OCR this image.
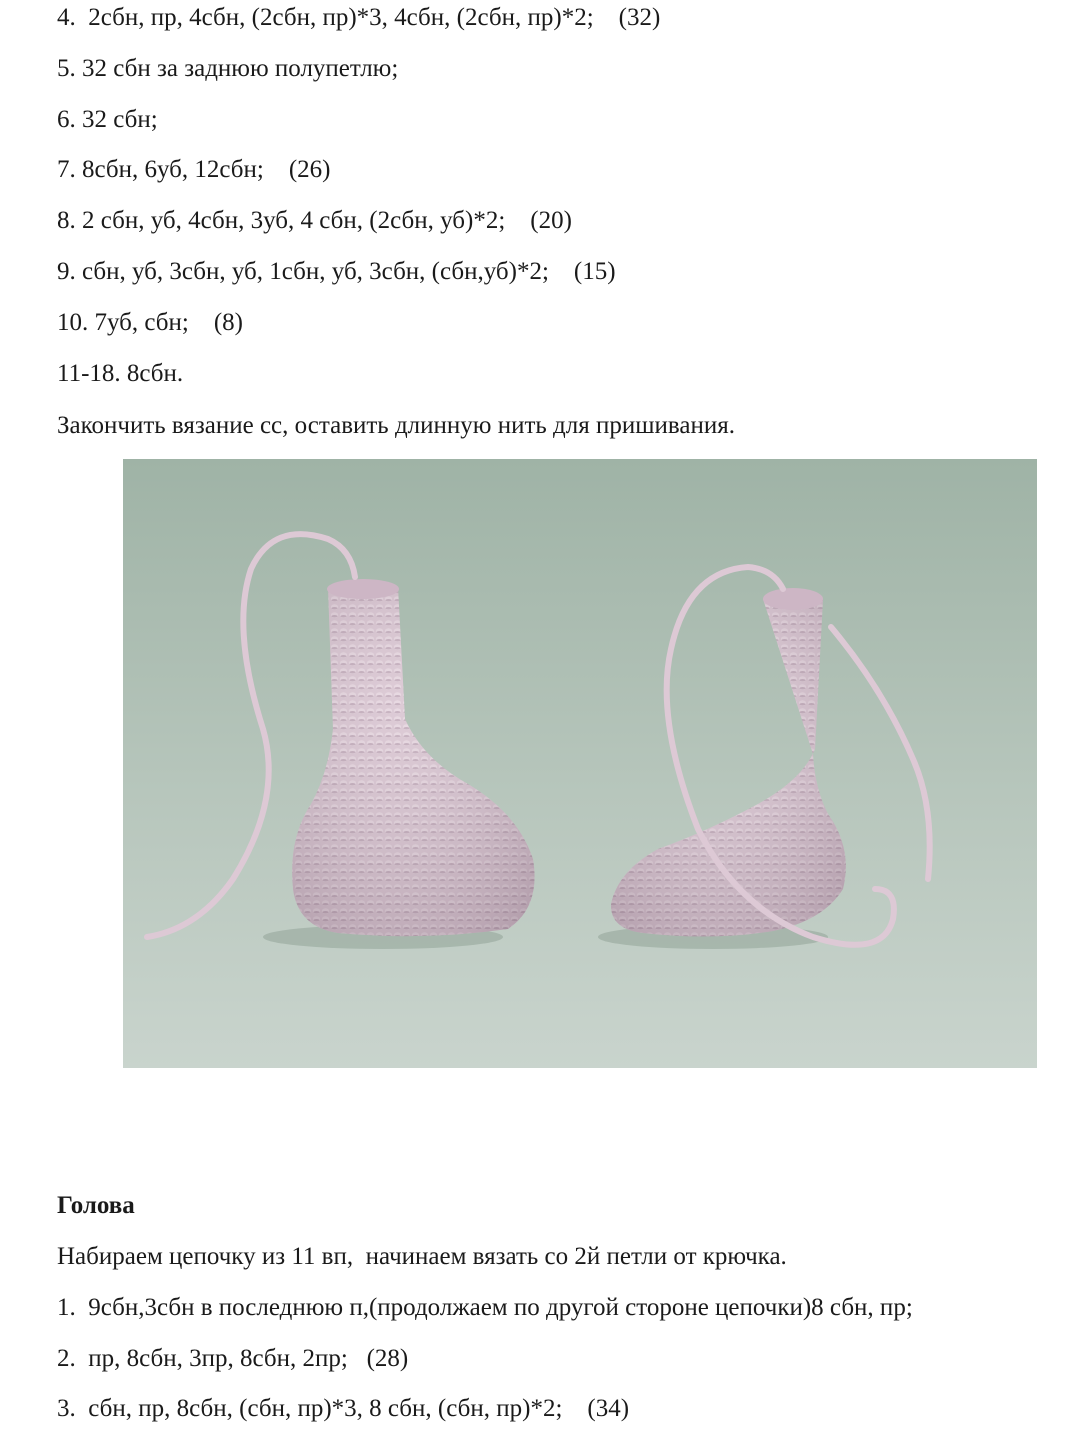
4.  2сбн, пр, 4сбн, (2сбн, пр)*3, 4сбн, (2сбн, пр)*2;    (32)
5. 32 сбн за заднюю полупетлю;
6. 32 сбн;
7. 8сбн, 6уб, 12сбн;    (26)
8. 2 сбн, уб, 4сбн, 3уб, 4 сбн, (2сбн, уб)*2;    (20)
9. сбн, уб, 3сбн, уб, 1сбн, уб, 3сбн, (сбн,уб)*2;    (15)
10. 7уб, сбн;    (8)
11-18. 8сбн.
Закончить вязание сс, оставить длинную нить для пришивания.
Голова
Набираем цепочку из 11 вп,  начинаем вязать со 2й петли от крючка.
1.  9сбн,3сбн в последнюю п,(продолжаем по другой стороне цепочки)8 сбн, пр;
2.  пр, 8сбн, 3пр, 8сбн, 2пр;   (28)
3.  сбн, пр, 8сбн, (сбн, пр)*3, 8 сбн, (сбн, пр)*2;    (34)
